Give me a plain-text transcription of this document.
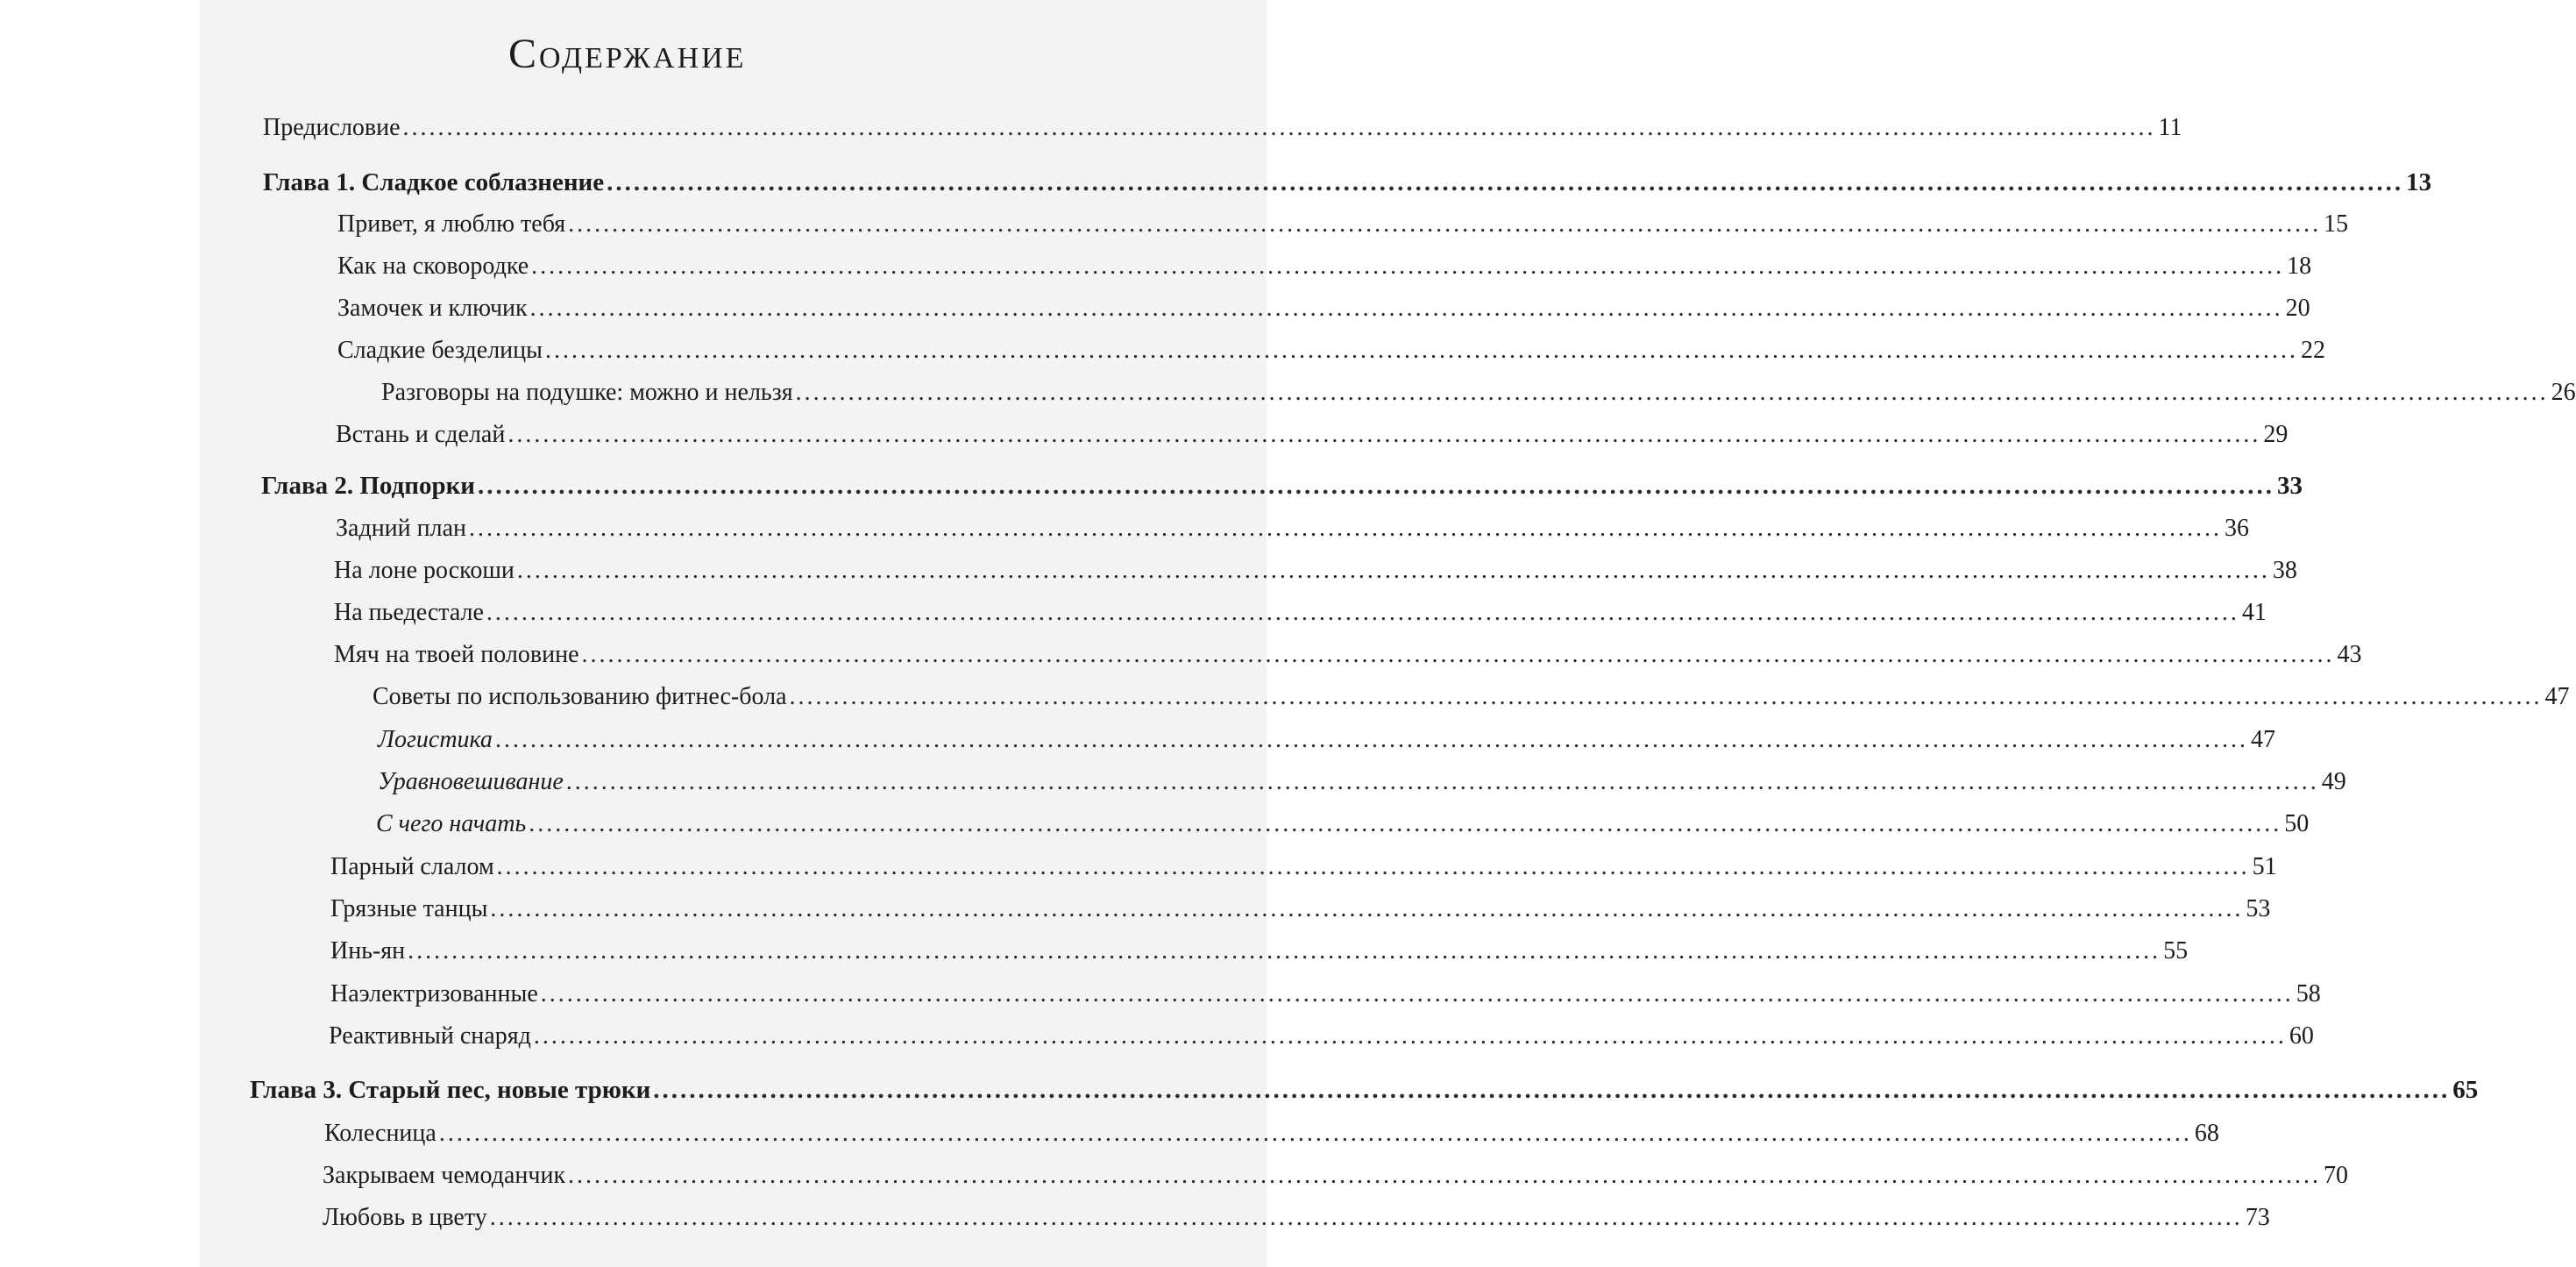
Содержание
Предисловие ........................................................................................................................................................................................................ 11
Глава 1. Сладкое соблазнение ........................................................................................................................................................................................................ 13
Привет, я люблю тебя ........................................................................................................................................................................................................ 15
Как на сковородке ........................................................................................................................................................................................................ 18
Замочек и ключик ........................................................................................................................................................................................................ 20
Сладкие безделицы ........................................................................................................................................................................................................ 22
Разговоры на подушке: можно и нельзя ........................................................................................................................................................................................................ 26
Встань и сделай ........................................................................................................................................................................................................ 29
Глава 2. Подпорки ........................................................................................................................................................................................................ 33
Задний план ........................................................................................................................................................................................................ 36
На лоне роскоши ........................................................................................................................................................................................................ 38
На пьедестале ........................................................................................................................................................................................................ 41
Мяч на твоей половине ........................................................................................................................................................................................................ 43
Советы по использованию фитнес-бола ........................................................................................................................................................................................................ 47
Логистика ........................................................................................................................................................................................................ 47
Уравновешивание ........................................................................................................................................................................................................ 49
С чего начать ........................................................................................................................................................................................................ 50
Парный слалом ........................................................................................................................................................................................................ 51
Грязные танцы ........................................................................................................................................................................................................ 53
Инь-ян ........................................................................................................................................................................................................ 55
Наэлектризованные ........................................................................................................................................................................................................ 58
Реактивный снаряд ........................................................................................................................................................................................................ 60
Глава 3. Старый пес, новые трюки ........................................................................................................................................................................................................ 65
Колесница ........................................................................................................................................................................................................ 68
Закрываем чемоданчик ........................................................................................................................................................................................................ 70
Любовь в цвету ........................................................................................................................................................................................................ 73
